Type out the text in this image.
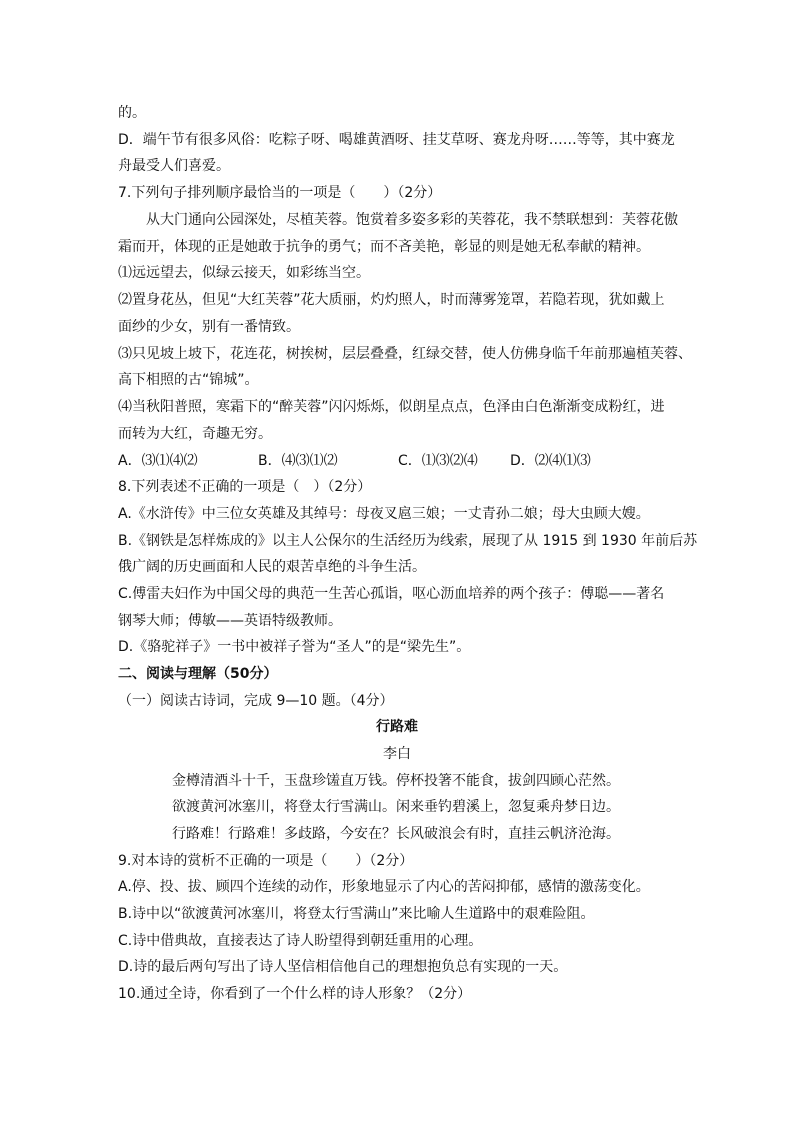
的。
D．端午节有很多风俗：吃粽子呀、喝雄黄酒呀、挂艾草呀、赛龙舟呀……等等，其中赛龙
舟最受人们喜爱。
7.下列句子排列顺序最恰当的一项是（　　）（2分）
从大门通向公园深处，尽植芙蓉。饱赏着多姿多彩的芙蓉花，我不禁联想到：芙蓉花傲
霜而开，体现的正是她敢于抗争的勇气；而不吝美艳，彰显的则是她无私奉献的精神。
⑴远远望去，似绿云接天，如彩练当空。
⑵置身花丛，但见“大红芙蓉”花大质丽，灼灼照人，时而薄雾笼罩，若隐若现，犹如戴上
面纱的少女，别有一番情致。
⑶只见坡上坡下，花连花，树挨树，层层叠叠，红绿交替，使人仿佛身临千年前那遍植芙蓉、
高下相照的古“锦城”。
⑷当秋阳普照，寒霜下的“醉芙蓉”闪闪烁烁，似朗星点点，色泽由白色渐渐变成粉红，进
而转为大红，奇趣无穷。
A．⑶⑴⑷⑵	B．⑷⑶⑴⑵	C．⑴⑶⑵⑷ D．⑵⑷⑴⑶
8.下列表述不正确的一项是（　）（2分）
A.《水浒传》中三位女英雄及其绰号：母夜叉扈三娘；一丈青孙二娘；母大虫顾大嫂。
B.《钢铁是怎样炼成的》以主人公保尔的生活经历为线索，展现了从 1915 到 1930 年前后苏
俄广阔的历史画面和人民的艰苦卓绝的斗争生活。
C.傅雷夫妇作为中国父母的典范一生苦心孤诣，呕心沥血培养的两个孩子：傅聪——著名
钢琴大师；傅敏——英语特级教师。
D.《骆驼祥子》一书中被祥子誉为“圣人”的是“梁先生”。
二、阅读与理解（50分）
（一）阅读古诗词，完成 9—10 题。（4分）
行路难
李白
金樽清酒斗十千，玉盘珍馐直万钱。停杯投箸不能食，拔剑四顾心茫然。
欲渡黄河冰塞川，将登太行雪满山。闲来垂钓碧溪上，忽复乘舟梦日边。
行路难！行路难！多歧路，今安在？长风破浪会有时，直挂云帆济沧海。
9.对本诗的赏析不正确的一项是（　　）（2分）
A.停、投、拔、顾四个连续的动作，形象地显示了内心的苦闷抑郁，感情的激荡变化。
B.诗中以“欲渡黄河冰塞川，将登太行雪满山”来比喻人生道路中的艰难险阻。
C.诗中借典故，直接表达了诗人盼望得到朝廷重用的心理。
D.诗的最后两句写出了诗人坚信相信他自己的理想抱负总有实现的一天。
10.通过全诗，你看到了一个什么样的诗人形象？（2分）
